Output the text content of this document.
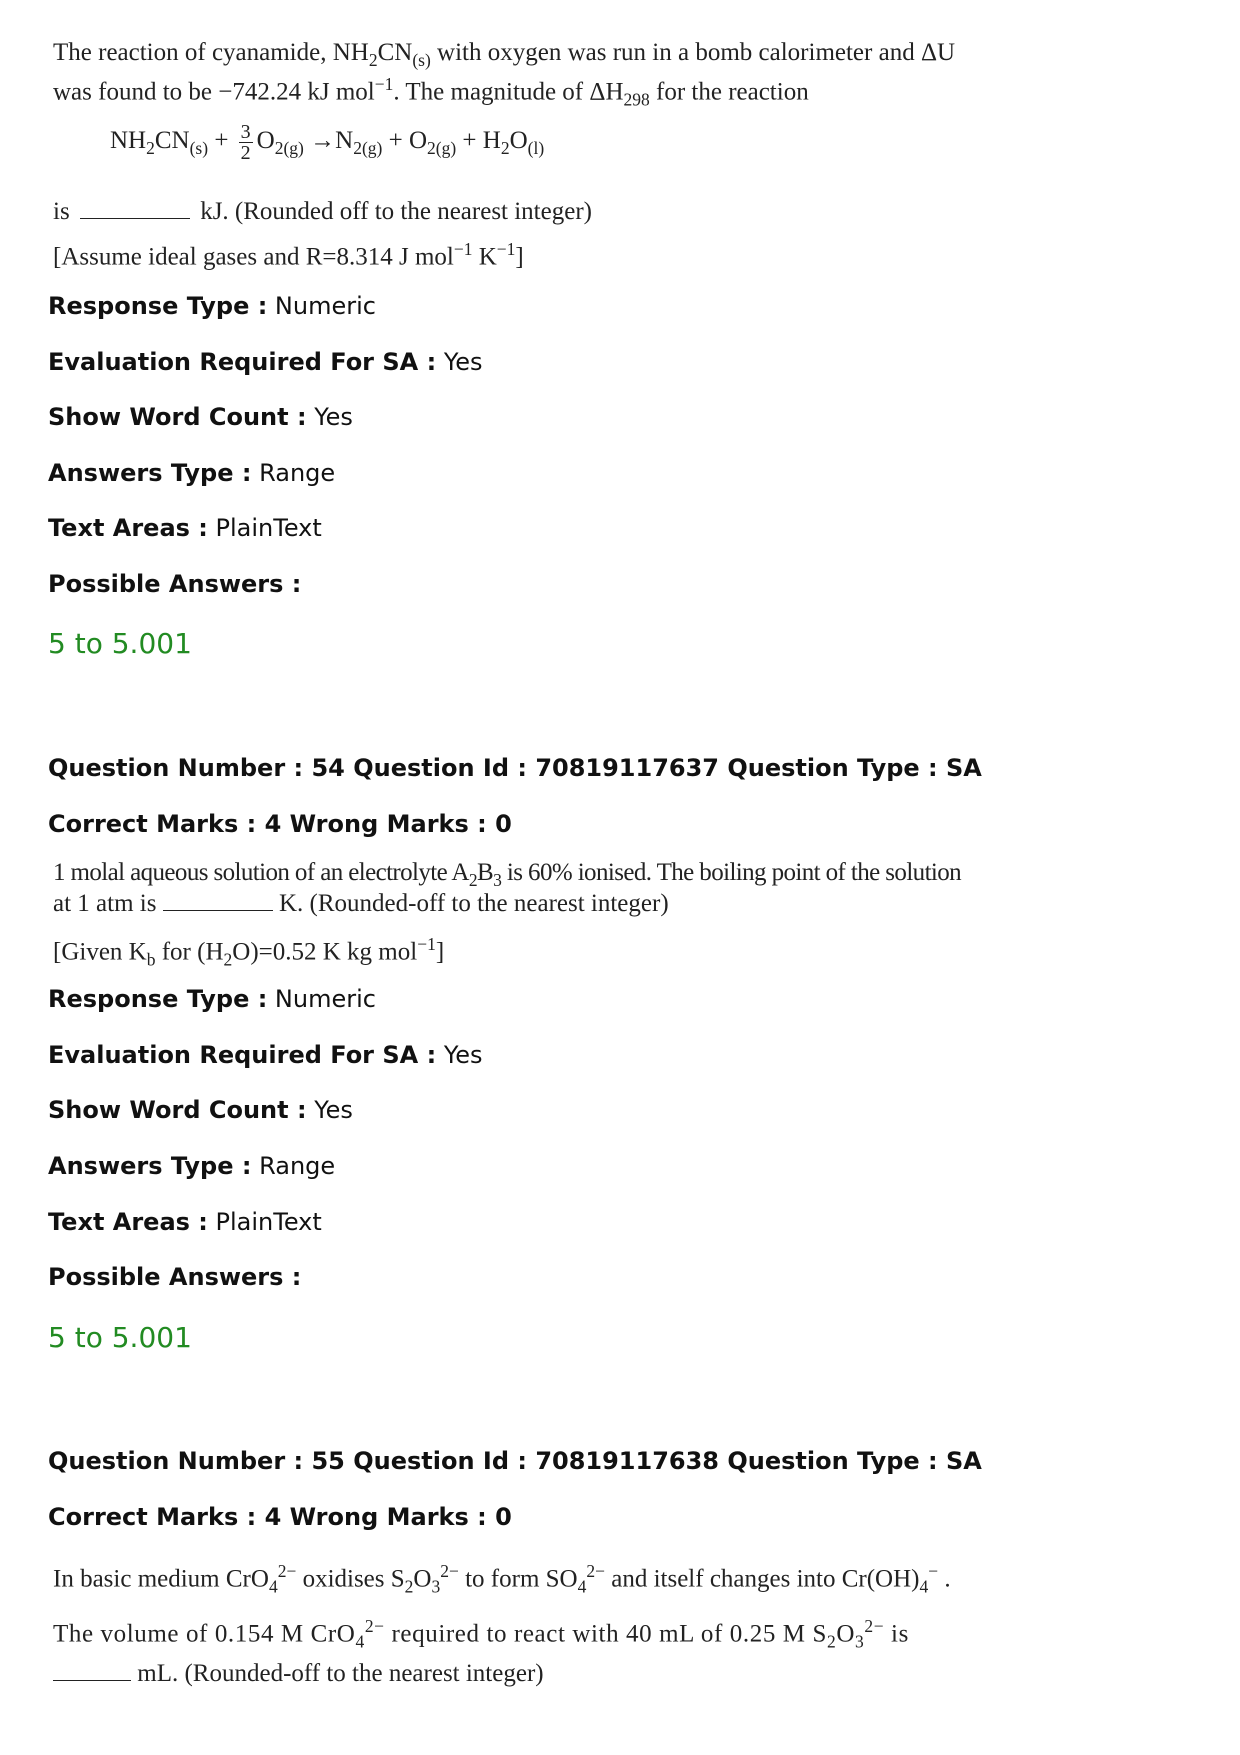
The reaction of cyanamide, $NH_2CN_{(s)}$ with oxygen was run in a bomb calorimeter and ΔU
was found to be −742.24 kJ mol$^{-1}$. The magnitude of $\Delta H_{298}$ for the reaction
$NH_2CN_{(s)} + \frac{3}{2} O_{2(g)} \to N_{2(g)} + O_{2(g)} + H_2O_{(l)}$
is	kJ. (Rounded off to the nearest integer)
[Assume ideal gases and R=8.314 J mol$^{-1}$ $K^{-1}$]
Response Type : Numeric
Evaluation Required For SA : Yes
Show Word Count : Yes
Answers Type : Range
Text Areas : PlainText
Possible Answers :
5 to 5.001
Question Number : 54 Question Id : 70819117637 Question Type : SA
Correct Marks : 4 Wrong Marks : 0
1 molal aqueous solution of an electrolyte $A_2B_3$ is 60% ionised. The boiling point of the solution
at 1 atm is	K. (Rounded-off to the nearest integer)
[Given $K_b$ for $(H_2O)=0.52$ K kg mol$^{-1}$]
Response Type : Numeric
Evaluation Required For SA : Yes
Show Word Count : Yes
Answers Type : Range
Text Areas : PlainText
Possible Answers :
5 to 5.001
Question Number : 55 Question Id : 70819117638 Question Type : SA
Correct Marks : 4 Wrong Marks : 0
In basic medium CrO$_4^{2-}$ oxidises $S_2O_3^{2-}$ to form $SO_4^{2-}$ and itself changes into $Cr(OH)_4^-$ .
The volume of 0.154 M CrO$_4^{2-}$ required to react with 40 mL of 0.25 M $S_2O_3^{2-}$ is
mL. (Rounded-off to the nearest integer)
